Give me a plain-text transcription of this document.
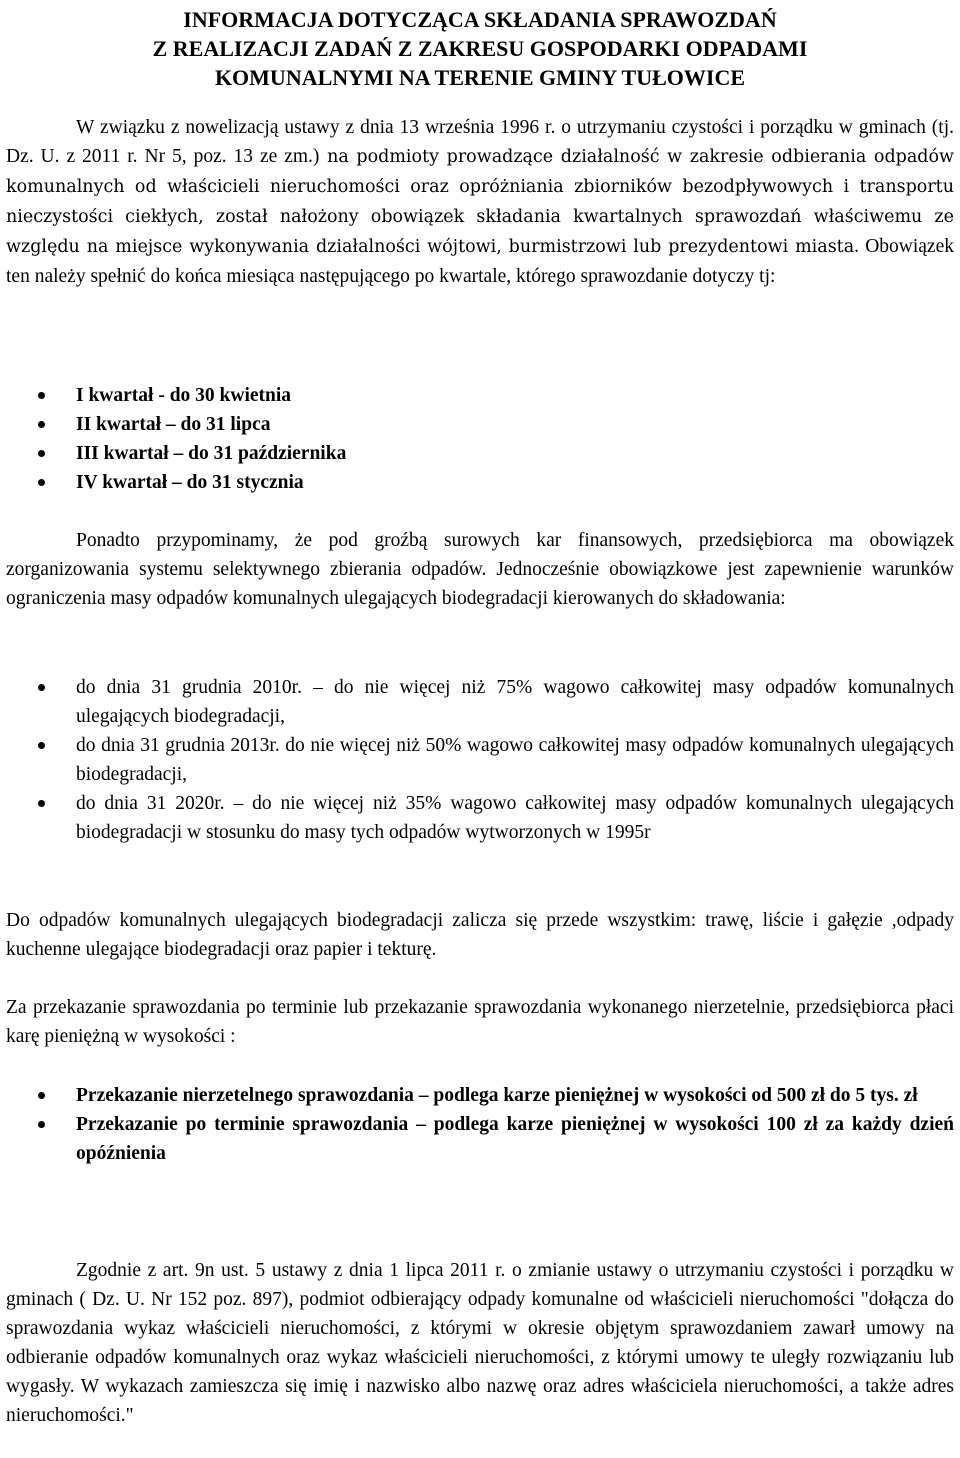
INFORMACJA DOTYCZĄCA SKŁADANIA SPRAWOZDAŃ
Z REALIZACJI ZADAŃ Z ZAKRESU GOSPODARKI ODPADAMI
KOMUNALNYMI NA TERENIE GMINY TUŁOWICE

W związku z nowelizacją ustawy z dnia 13 września 1996 r. o utrzymaniu czystości i porządku w gminach (tj. Dz. U. z 2011 r. Nr 5, poz. 13 ze zm.) na podmioty prowadzące działalność w zakresie odbierania odpadów komunalnych od właścicieli nieruchomości oraz opróżniania zbiorników bezodpływowych i transportu nieczystości ciekłych, został nałożony obowiązek składania kwartalnych sprawozdań właściwemu ze względu na miejsce wykonywania działalności wójtowi, burmistrzowi lub prezydentowi miasta. Obowiązek ten należy spełnić do końca miesiąca następującego po kwartale, którego sprawozdanie dotyczy tj:

I kwartał - do 30 kwietnia
II kwartał – do 31 lipca
III kwartał – do 31 października
IV kwartał – do 31 stycznia

Ponadto przypominamy, że pod groźbą surowych kar finansowych, przedsiębiorca ma obowiązek zorganizowania systemu selektywnego zbierania odpadów. Jednocześnie obowiązkowe jest zapewnienie warunków ograniczenia masy odpadów komunalnych ulegających biodegradacji kierowanych do składowania:

do dnia 31 grudnia 2010r. – do nie więcej niż 75% wagowo całkowitej masy odpadów komunalnych ulegających biodegradacji,
do dnia 31 grudnia 2013r. do nie więcej niż 50% wagowo całkowitej masy odpadów komunalnych ulegających biodegradacji,
do dnia 31 2020r. – do nie więcej niż 35% wagowo całkowitej masy odpadów komunalnych ulegających biodegradacji w stosunku do masy tych odpadów wytworzonych w 1995r

Do odpadów komunalnych ulegających biodegradacji zalicza się przede wszystkim: trawę, liście i gałęzie ,odpady kuchenne ulegające biodegradacji oraz papier i tekturę.

Za przekazanie sprawozdania po terminie lub przekazanie sprawozdania wykonanego nierzetelnie, przedsiębiorca płaci karę pieniężną w wysokości :

Przekazanie nierzetelnego sprawozdania – podlega karze pieniężnej w wysokości od 500 zł do 5 tys. zł
Przekazanie po terminie sprawozdania – podlega karze pieniężnej w wysokości 100 zł za każdy dzień opóźnienia

Zgodnie z art. 9n ust. 5 ustawy z dnia 1 lipca 2011 r. o zmianie ustawy o utrzymaniu czystości i porządku w gminach ( Dz. U. Nr 152 poz. 897), podmiot odbierający odpady komunalne od właścicieli nieruchomości "dołącza do sprawozdania wykaz właścicieli nieruchomości, z którymi w okresie objętym sprawozdaniem zawarł umowy na odbieranie odpadów komunalnych oraz wykaz właścicieli nieruchomości, z którymi umowy te uległy rozwiązaniu lub wygasły. W wykazach zamieszcza się imię i nazwisko albo nazwę oraz adres właściciela nieruchomości, a także adres nieruchomości."
